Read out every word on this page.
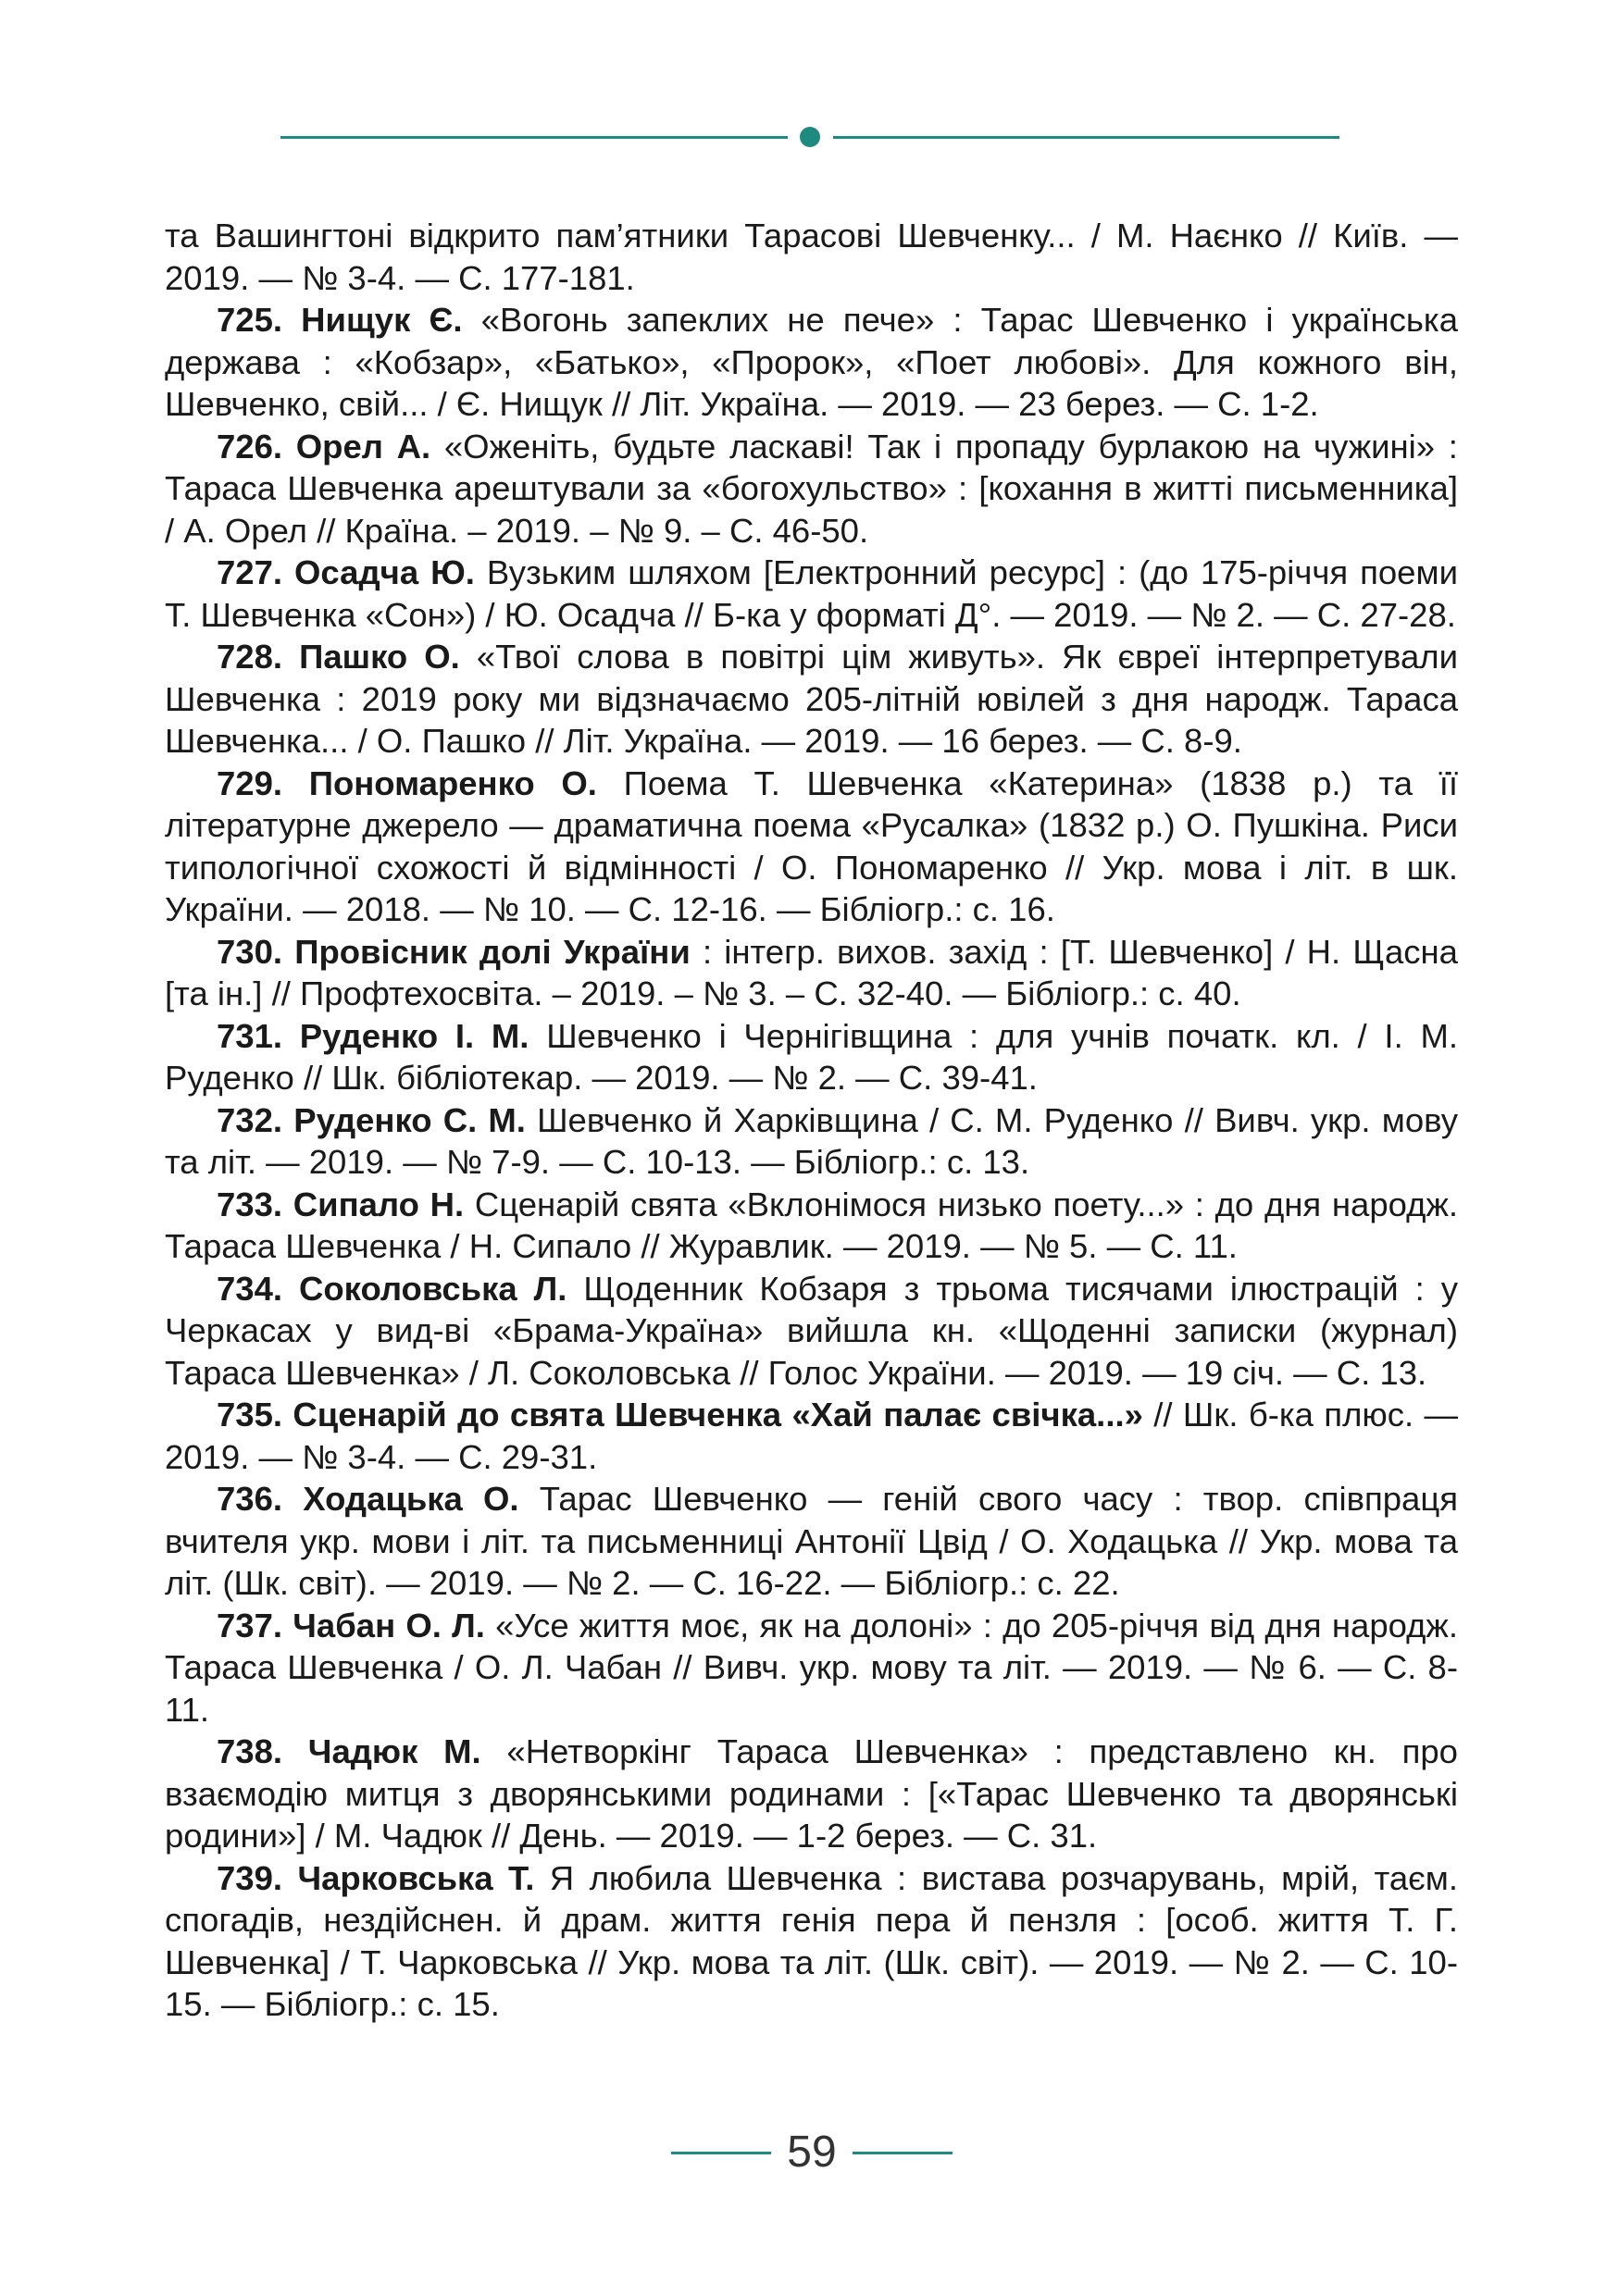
та Вашингтоні відкрито пам’ятники Тарасові Шевченку... / М. Наєнко // Київ. — 2019. — № 3-4. — С. 177-181.

725. Нищук Є. «Вогонь запеклих не пече» : Тарас Шевченко і українська держава : «Кобзар», «Батько», «Пророк», «Поет любові». Для кожного він, Шевченко, свій... / Є. Нищук // Літ. Україна. — 2019. — 23 берез. — С. 1-2.

726. Орел А. «Оженіть, будьте ласкаві! Так і пропаду бурлакою на чужині» : Тараса Шевченка арештували за «богохульство» : [кохання в житті письменника] / А. Орел // Країна. – 2019. – № 9. – С. 46-50.

727. Осадча Ю. Вузьким шляхом [Електронний ресурс] : (до 175-річчя поеми Т. Шевченка «Сон») / Ю. Осадча // Б-ка у форматі Д°. — 2019. — № 2. — С. 27-28.

728. Пашко О. «Твої слова в повітрі цім живуть». Як євреї інтерпретували Шевченка : 2019 року ми відзначаємо 205-літній ювілей з дня народж. Тараса Шевченка... / О. Пашко // Літ. Україна. — 2019. — 16 берез. — С. 8-9.

729. Пономаренко О. Поема Т. Шевченка «Катерина» (1838 р.) та її літературне джерело — драматична поема «Русалка» (1832 р.) О. Пушкіна. Риси типологічної схожості й відмінності / О. Пономаренко // Укр. мова і літ. в шк. України. — 2018. — № 10. — С. 12-16. — Бібліогр.: с. 16.

730. Провісник долі України : інтегр. вихов. захід : [Т. Шевченко] / Н. Щасна [та ін.] // Профтехосвіта. – 2019. – № 3. – С. 32-40. — Бібліогр.: с. 40.

731. Руденко І. М. Шевченко і Чернігівщина : для учнів початк. кл. / І. М. Руденко // Шк. бібліотекар. — 2019. — № 2. — С. 39-41.

732. Руденко С. М. Шевченко й Харківщина / С. М. Руденко // Вивч. укр. мову та літ. — 2019. — № 7-9. — С. 10-13. — Бібліогр.: с. 13.

733. Сипало Н. Сценарій свята «Вклонімося низько поету...» : до дня народж. Тараса Шевченка / Н. Сипало // Журавлик. — 2019. — № 5. — С. 11.

734. Соколовська Л. Щоденник Кобзаря з трьома тисячами ілюстрацій : у Черкасах у вид-ві «Брама-Україна» вийшла кн. «Щоденні записки (журнал) Тараса Шевченка» / Л. Соколовська // Голос України. — 2019. — 19 січ. — С. 13.

735. Сценарій до свята Шевченка «Хай палає свічка...» // Шк. б-ка плюс. — 2019. — № 3-4. — С. 29-31.

736. Ходацька О. Тарас Шевченко — геній свого часу : твор. співпраця вчителя укр. мови і літ. та письменниці Антонії Цвід / О. Ходацька // Укр. мова та літ. (Шк. світ). — 2019. — № 2. — С. 16-22. — Бібліогр.: с. 22.

737. Чабан О. Л. «Усе життя моє, як на долоні» : до 205-річчя від дня народж. Тараса Шевченка / О. Л. Чабан // Вивч. укр. мову та літ. — 2019. — № 6. — С. 8-11.

738. Чадюк М. «Нетворкінг Тараса Шевченка» : представлено кн. про взаємодію митця з дворянськими родинами : [«Тарас Шевченко та дворянські родини»] / М. Чадюк // День. — 2019. — 1-2 берез. — С. 31.

739. Чарковська Т. Я любила Шевченка : вистава розчарувань, мрій, таєм. спогадів, нездійснен. й драм. життя генія пера й пензля : [особ. життя Т. Г. Шевченка] / Т. Чарковська // Укр. мова та літ. (Шк. світ). — 2019. — № 2. — С. 10-15. — Бібліогр.: с. 15.

59
